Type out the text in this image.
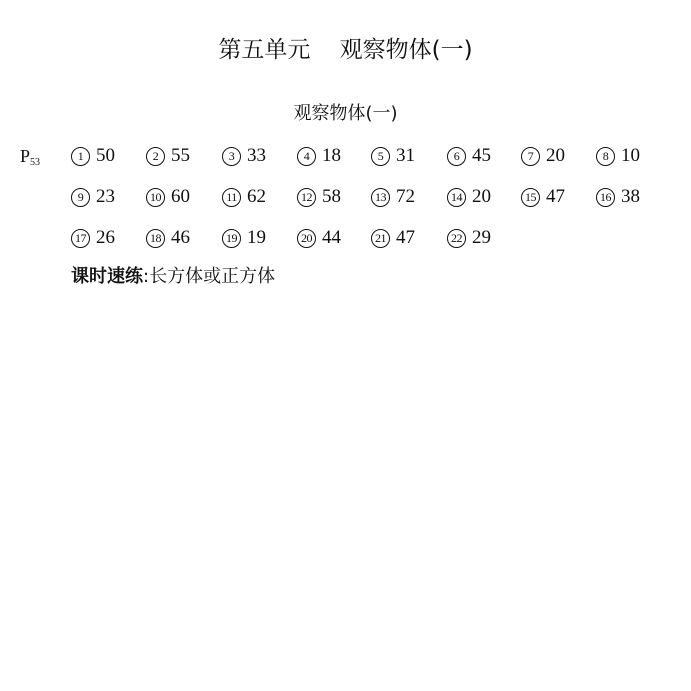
第五单元    观察物体(一)
观察物体(一)
$P_{53}$	1 50	2 55	3 33	4 18	5 31	6 45	7 20	8 10
9 23	10 60	11 62	12 58	13 72	14 20	15 47	16 38
17 26	18 46	19 19	20 44	21 47	22 29
课时速练:长方体或正方体
